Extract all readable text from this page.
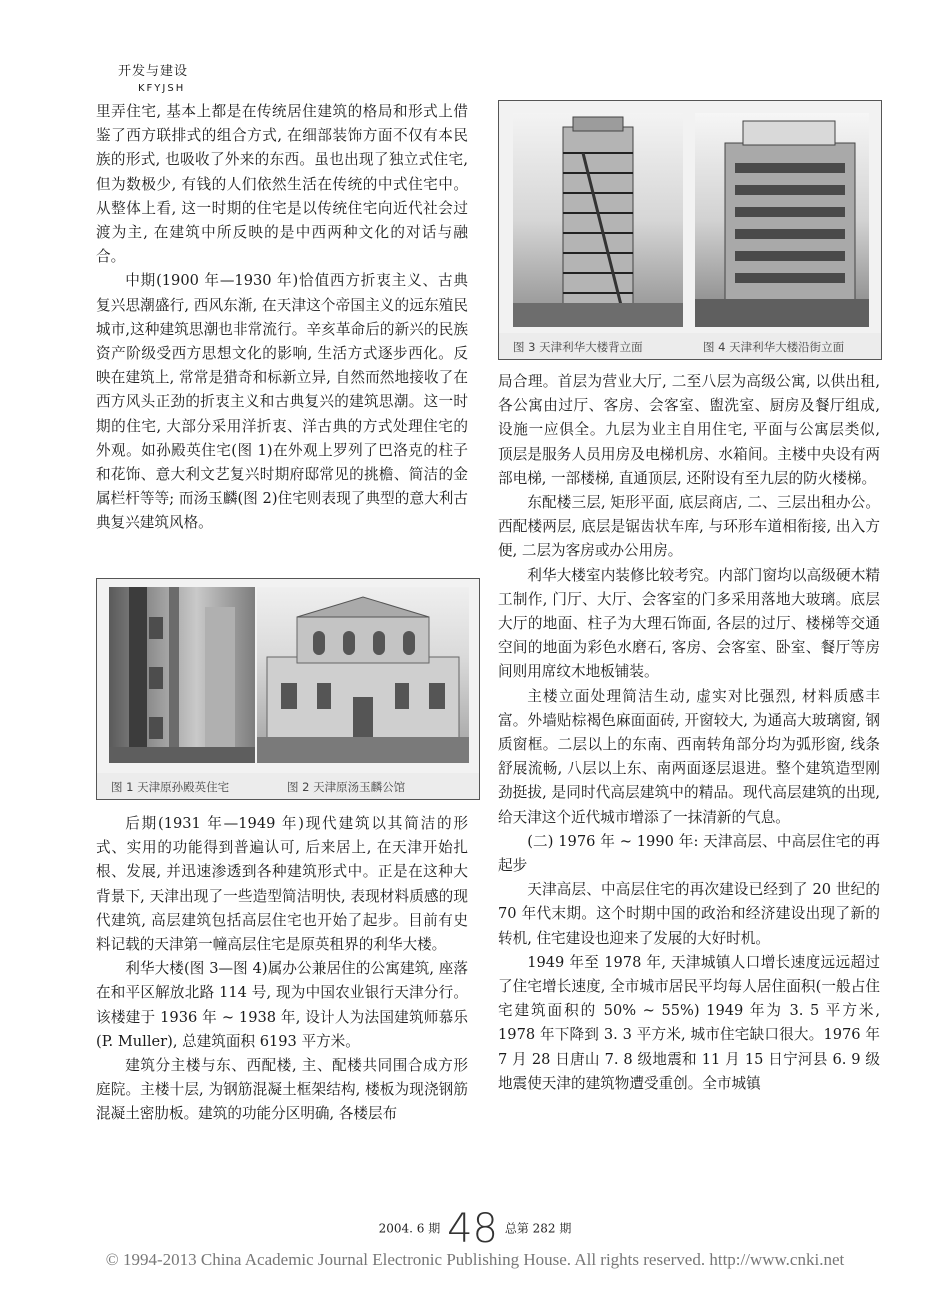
开发与建设
KFYJSH

里弄住宅, 基本上都是在传统居住建筑的格局和形式上借鉴了西方联排式的组合方式, 在细部装饰方面不仅有本民族的形式, 也吸收了外来的东西。虽也出现了独立式住宅, 但为数极少, 有钱的人们依然生活在传统的中式住宅中。从整体上看, 这一时期的住宅是以传统住宅向近代社会过渡为主, 在建筑中所反映的是中西两种文化的对话与融合。

中期(1900 年—1930 年)恰值西方折衷主义、古典复兴思潮盛行, 西风东渐, 在天津这个帝国主义的远东殖民城市,这种建筑思潮也非常流行。辛亥革命后的新兴的民族资产阶级受西方思想文化的影响, 生活方式逐步西化。反映在建筑上, 常常是猎奇和标新立异, 自然而然地接收了在西方风头正劲的折衷主义和古典复兴的建筑思潮。这一时期的住宅, 大部分采用洋折衷、洋古典的方式处理住宅的外观。如孙殿英住宅(图 1)在外观上罗列了巴洛克的柱子和花饰、意大利文艺复兴时期府邸常见的挑檐、简洁的金属栏杆等等; 而汤玉麟(图 2)住宅则表现了典型的意大利古典复兴建筑风格。

图 1 天津原孙殿英住宅	图 2 天津原汤玉麟公馆

后期(1931 年—1949 年)现代建筑以其简洁的形式、实用的功能得到普遍认可, 后来居上, 在天津开始扎根、发展, 并迅速渗透到各种建筑形式中。正是在这种大背景下, 天津出现了一些造型简洁明快, 表现材料质感的现代建筑, 高层建筑包括高层住宅也开始了起步。目前有史料记载的天津第一幢高层住宅是原英租界的利华大楼。

利华大楼(图 3—图 4)属办公兼居住的公寓建筑, 座落在和平区解放北路 114 号, 现为中国农业银行天津分行。该楼建于 1936 年 ~ 1938 年, 设计人为法国建筑师慕乐(P. Muller), 总建筑面积 6193 平方米。

建筑分主楼与东、西配楼, 主、配楼共同围合成方形庭院。主楼十层, 为钢筋混凝土框架结构, 楼板为现浇钢筋混凝土密肋板。建筑的功能分区明确, 各楼层布

图 3 天津利华大楼背立面	图 4 天津利华大楼沿街立面

局合理。首层为营业大厅, 二至八层为高级公寓, 以供出租, 各公寓由过厅、客房、会客室、盥洗室、厨房及餐厅组成, 设施一应俱全。九层为业主自用住宅, 平面与公寓层类似, 顶层是服务人员用房及电梯机房、水箱间。主楼中央设有两部电梯, 一部楼梯, 直通顶层, 还附设有至九层的防火楼梯。

东配楼三层, 矩形平面, 底层商店, 二、三层出租办公。西配楼两层, 底层是锯齿状车库, 与环形车道相衔接, 出入方便, 二层为客房或办公用房。

利华大楼室内装修比较考究。内部门窗均以高级硬木精工制作, 门厅、大厅、会客室的门多采用落地大玻璃。底层大厅的地面、柱子为大理石饰面, 各层的过厅、楼梯等交通空间的地面为彩色水磨石, 客房、会客室、卧室、餐厅等房间则用席纹木地板铺装。

主楼立面处理简洁生动, 虚实对比强烈, 材料质感丰富。外墙贴棕褐色麻面面砖, 开窗较大, 为通高大玻璃窗, 钢质窗框。二层以上的东南、西南转角部分均为弧形窗, 线条舒展流畅, 八层以上东、南两面逐层退进。整个建筑造型刚劲挺拔, 是同时代高层建筑中的精品。现代高层建筑的出现, 给天津这个近代城市增添了一抹清新的气息。

(二) 1976 年 ~ 1990 年: 天津高层、中高层住宅的再起步

天津高层、中高层住宅的再次建设已经到了 20 世纪的 70 年代末期。这个时期中国的政治和经济建设出现了新的转机, 住宅建设也迎来了发展的大好时机。

1949 年至 1978 年, 天津城镇人口增长速度远远超过了住宅增长速度, 全市城市居民平均每人居住面积(一般占住宅建筑面积的 50% ~ 55%) 1949 年为 3. 5 平方米, 1978 年下降到 3. 3 平方米, 城市住宅缺口很大。1976 年 7 月 28 日唐山 7. 8 级地震和 11 月 15 日宁河县 6. 9 级地震使天津的建筑物遭受重创。全市城镇

2004. 6 期 48 总第 282 期
© 1994-2013 China Academic Journal Electronic Publishing House. All rights reserved. http://www.cnki.net
